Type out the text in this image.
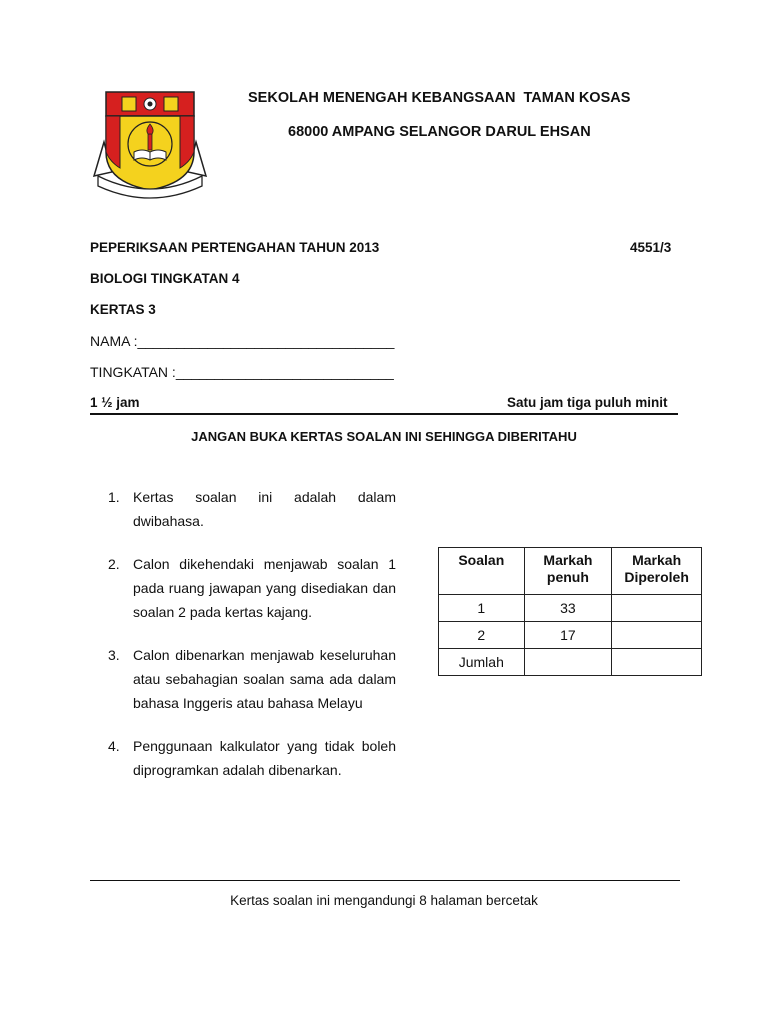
SEKOLAH MENENGAH KEBANGSAAN  TAMAN KOSAS
68000 AMPANG SELANGOR DARUL EHSAN
PEPERIKSAAN PERTENGAHAN TAHUN 2013	4551/3
BIOLOGI TINGKATAN 4
KERTAS 3
NAMA :_________________________________
TINGKATAN :____________________________
1 ½ jam	Satu jam tiga puluh minit
JANGAN BUKA KERTAS SOALAN INI SEHINGGA DIBERITAHU
1. Kertas soalan ini adalah dalam dwibahasa.
2. Calon dikehendaki menjawab soalan 1 pada ruang jawapan yang disediakan dan soalan 2 pada kertas kajang.
3. Calon dibenarkan menjawab keseluruhan atau sebahagian soalan sama ada dalam bahasa Inggeris atau bahasa Melayu
4. Penggunaan kalkulator yang tidak boleh diprogramkan adalah dibenarkan.
Soalan	Markah penuh	Markah Diperoleh
1	33	
2	17	
Jumlah		
Kertas soalan ini mengandungi 8 halaman bercetak
